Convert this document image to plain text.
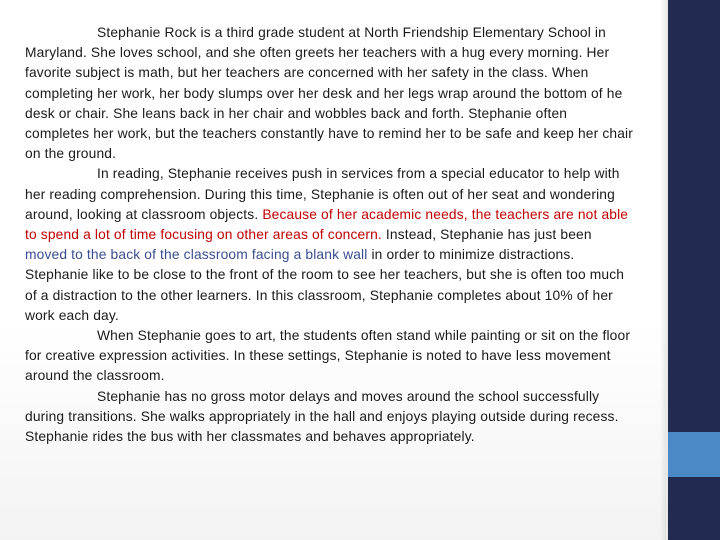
Stephanie Rock is a third grade student at North Friendship Elementary School in Maryland. She loves school, and she often greets her teachers with a hug every morning. Her favorite subject is math, but her teachers are concerned with her safety in the class. When completing her work, her body slumps over her desk and her legs wrap around the bottom of he desk or chair. She leans back in her chair and wobbles back and forth. Stephanie often completes her work, but the teachers constantly have to remind her to be safe and keep her chair on the ground.

In reading, Stephanie receives push in services from a special educator to help with her reading comprehension. During this time, Stephanie is often out of her seat and wondering around, looking at classroom objects. Because of her academic needs, the teachers are not able to spend a lot of time focusing on other areas of concern. Instead, Stephanie has just been moved to the back of the classroom facing a blank wall in order to minimize distractions. Stephanie like to be close to the front of the room to see her teachers, but she is often too much of a distraction to the other learners. In this classroom, Stephanie completes about 10% of her work each day.

When Stephanie goes to art, the students often stand while painting or sit on the floor for creative expression activities. In these settings, Stephanie is noted to have less movement around the classroom.

Stephanie has no gross motor delays and moves around the school successfully during transitions. She walks appropriately in the hall and enjoys playing outside during recess. Stephanie rides the bus with her classmates and behaves appropriately.
